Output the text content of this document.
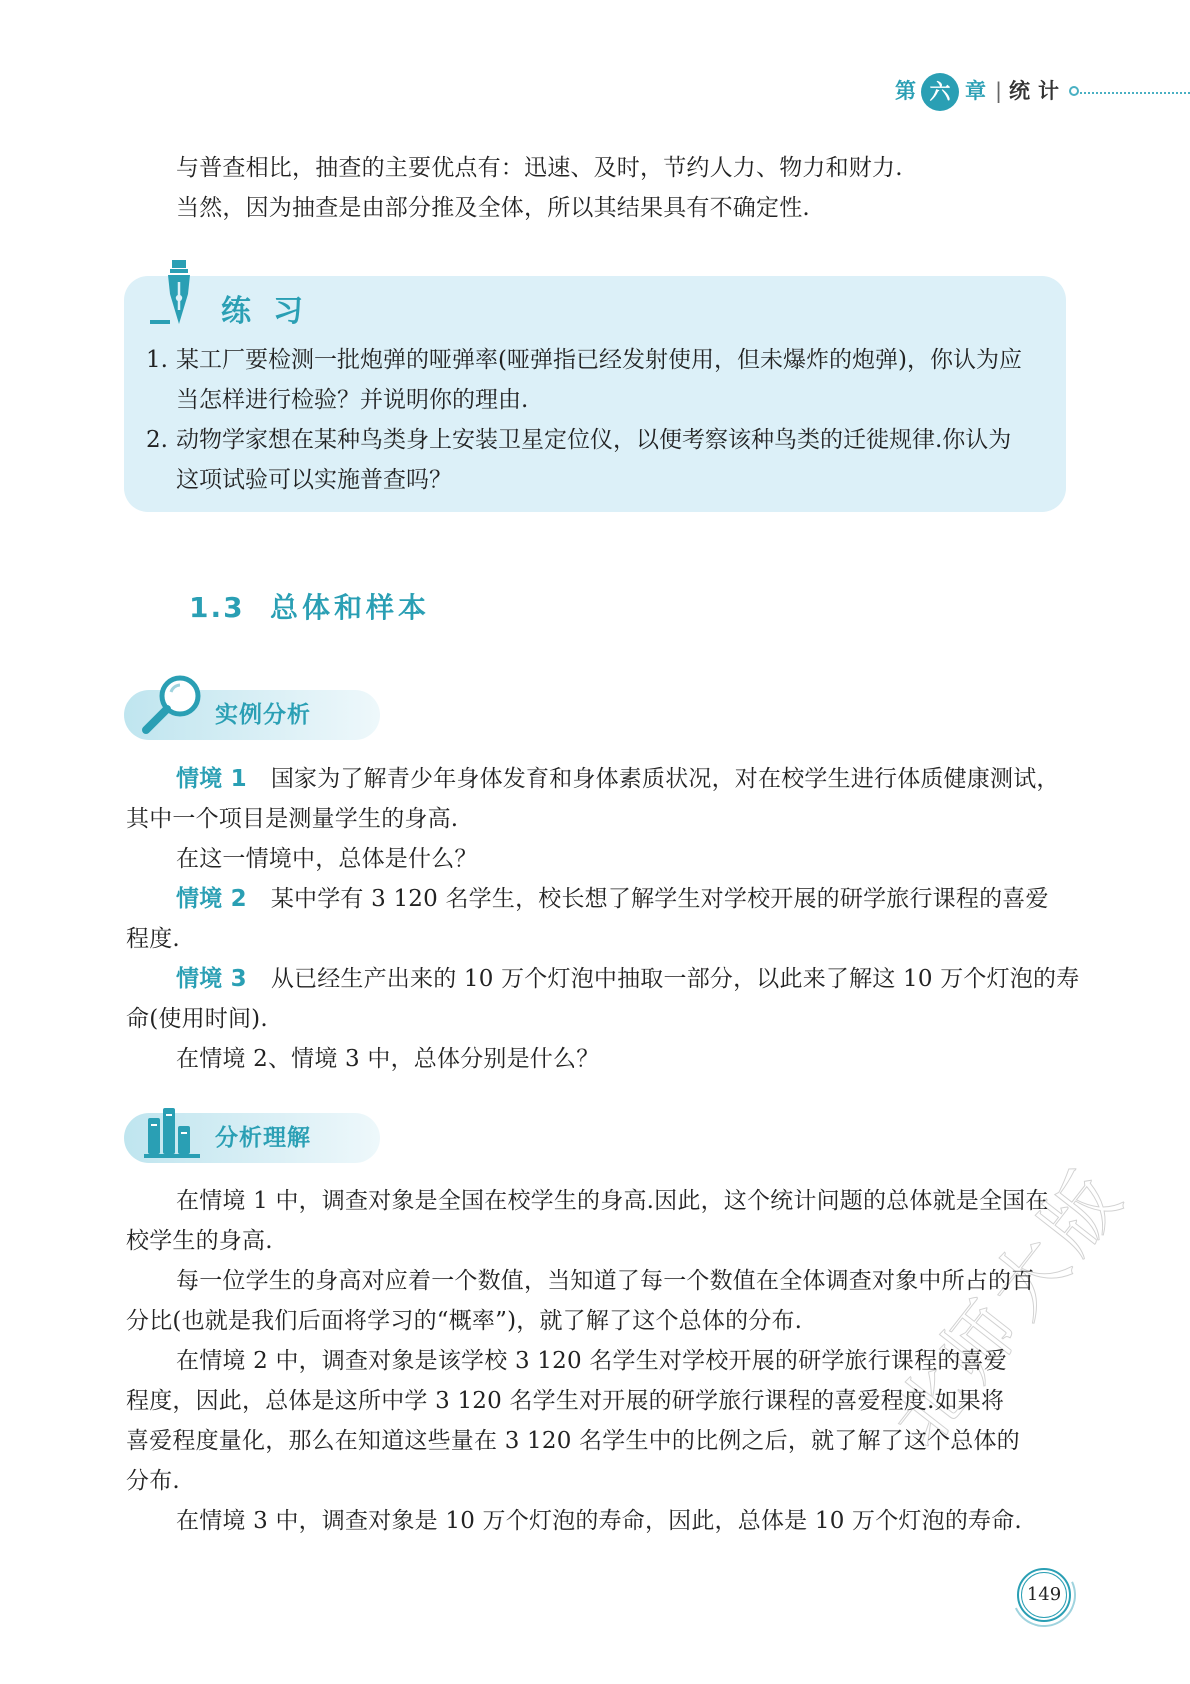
第 六 章 | 统计
与普查相比，抽查的主要优点有：迅速、及时，节约人力、物力和财力.
当然，因为抽查是由部分推及全体，所以其结果具有不确定性.
练习
1. 某工厂要检测一批炮弹的哑弹率(哑弹指已经发射使用，但未爆炸的炮弹)，你认为应
当怎样进行检验？并说明你的理由.
2. 动物学家想在某种鸟类身上安装卫星定位仪，以便考察该种鸟类的迁徙规律.你认为
这项试验可以实施普查吗？
1.3 总体和样本
实例分析
情境 1 国家为了解青少年身体发育和身体素质状况，对在校学生进行体质健康测试，
其中一个项目是测量学生的身高.
在这一情境中，总体是什么？
情境 2 某中学有 3 120 名学生，校长想了解学生对学校开展的研学旅行课程的喜爱
程度.
情境 3 从已经生产出来的 10 万个灯泡中抽取一部分，以此来了解这 10 万个灯泡的寿
命(使用时间).
在情境 2、情境 3 中，总体分别是什么？
分析理解
在情境 1 中，调查对象是全国在校学生的身高.因此，这个统计问题的总体就是全国在
校学生的身高.
每一位学生的身高对应着一个数值，当知道了每一个数值在全体调查对象中所占的百
分比(也就是我们后面将学习的“概率”)，就了解了这个总体的分布.
在情境 2 中，调查对象是该学校 3 120 名学生对学校开展的研学旅行课程的喜爱
程度，因此，总体是这所中学 3 120 名学生对开展的研学旅行课程的喜爱程度.如果将
喜爱程度量化，那么在知道这些量在 3 120 名学生中的比例之后，就了解了这个总体的
分布.
在情境 3 中，调查对象是 10 万个灯泡的寿命，因此，总体是 10 万个灯泡的寿命.
149
北师大版
